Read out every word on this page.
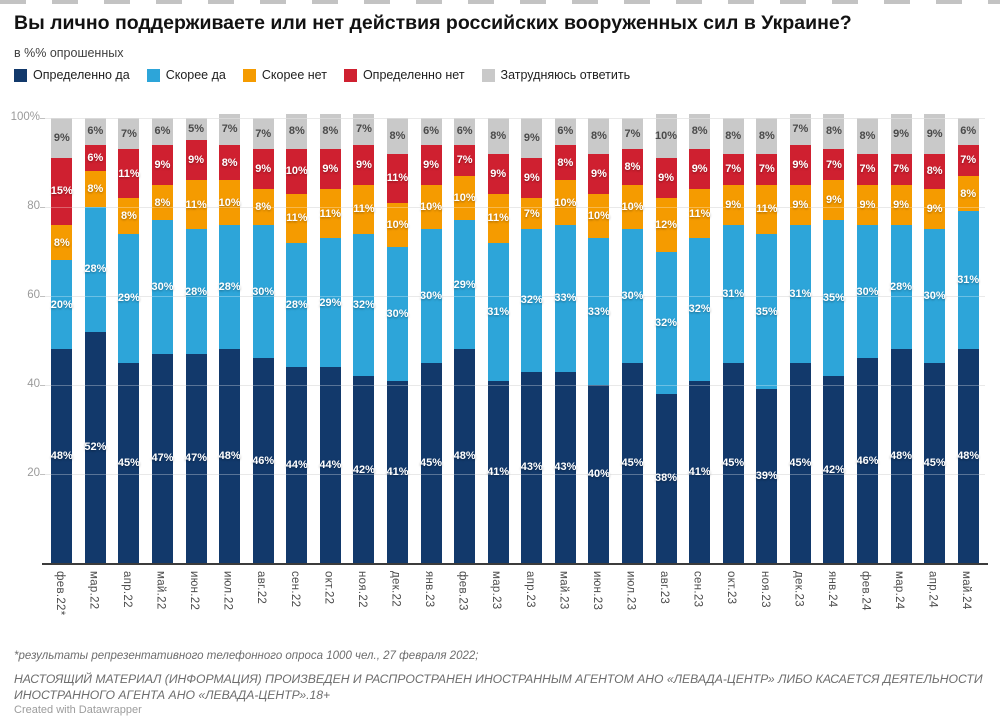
Вы лично поддерживаете или нет действия российских вооруженных сил в Украине?
в %% опрошенных
Определенно да	Скорее да	Скорее нет	Определенно нет	Затрудняюсь ответить
20
40
60
80
100%
48%
20%
8%
15%
9%
фев.22*
52%
28%
8%
6%
6%
мар.22
45%
29%
8%
11%
7%
апр.22
47%
30%
8%
9%
6%
май.22
47%
28%
11%
9%
5%
июн.22
48%
28%
10%
8%
7%
июл.22
46%
30%
8%
9%
7%
авг.22
44%
28%
11%
10%
8%
сен.22
44%
29%
11%
9%
8%
окт.22
42%
32%
11%
9%
7%
ноя.22
41%
30%
10%
11%
8%
дек.22
45%
30%
10%
9%
6%
янв.23
48%
29%
10%
7%
6%
фев.23
41%
31%
11%
9%
8%
мар.23
43%
32%
7%
9%
9%
апр.23
43%
33%
10%
8%
6%
май.23
40%
33%
10%
9%
8%
июн.23
45%
30%
10%
8%
7%
июл.23
38%
32%
12%
9%
10%
авг.23
41%
32%
11%
9%
8%
сен.23
45%
31%
9%
7%
8%
окт.23
39%
35%
11%
7%
8%
ноя.23
45%
31%
9%
9%
7%
дек.23
42%
35%
9%
7%
8%
янв.24
46%
30%
9%
7%
8%
фев.24
48%
28%
9%
7%
9%
мар.24
45%
30%
9%
8%
9%
апр.24
48%
31%
8%
7%
6%
май.24
*результаты репрезентативного телефонного опроса 1000 чел., 27 февраля 2022;
НАСТОЯЩИЙ МАТЕРИАЛ (ИНФОРМАЦИЯ) ПРОИЗВЕДЕН И РАСПРОСТРАНЕН ИНОСТРАННЫМ АГЕНТОМ АНО «ЛЕВАДА-ЦЕНТР» ЛИБО КАСАЕТСЯ ДЕЯТЕЛЬНОСТИ ИНОСТРАННОГО АГЕНТА АНО «ЛЕВАДА-ЦЕНТР».18+
Created with Datawrapper
